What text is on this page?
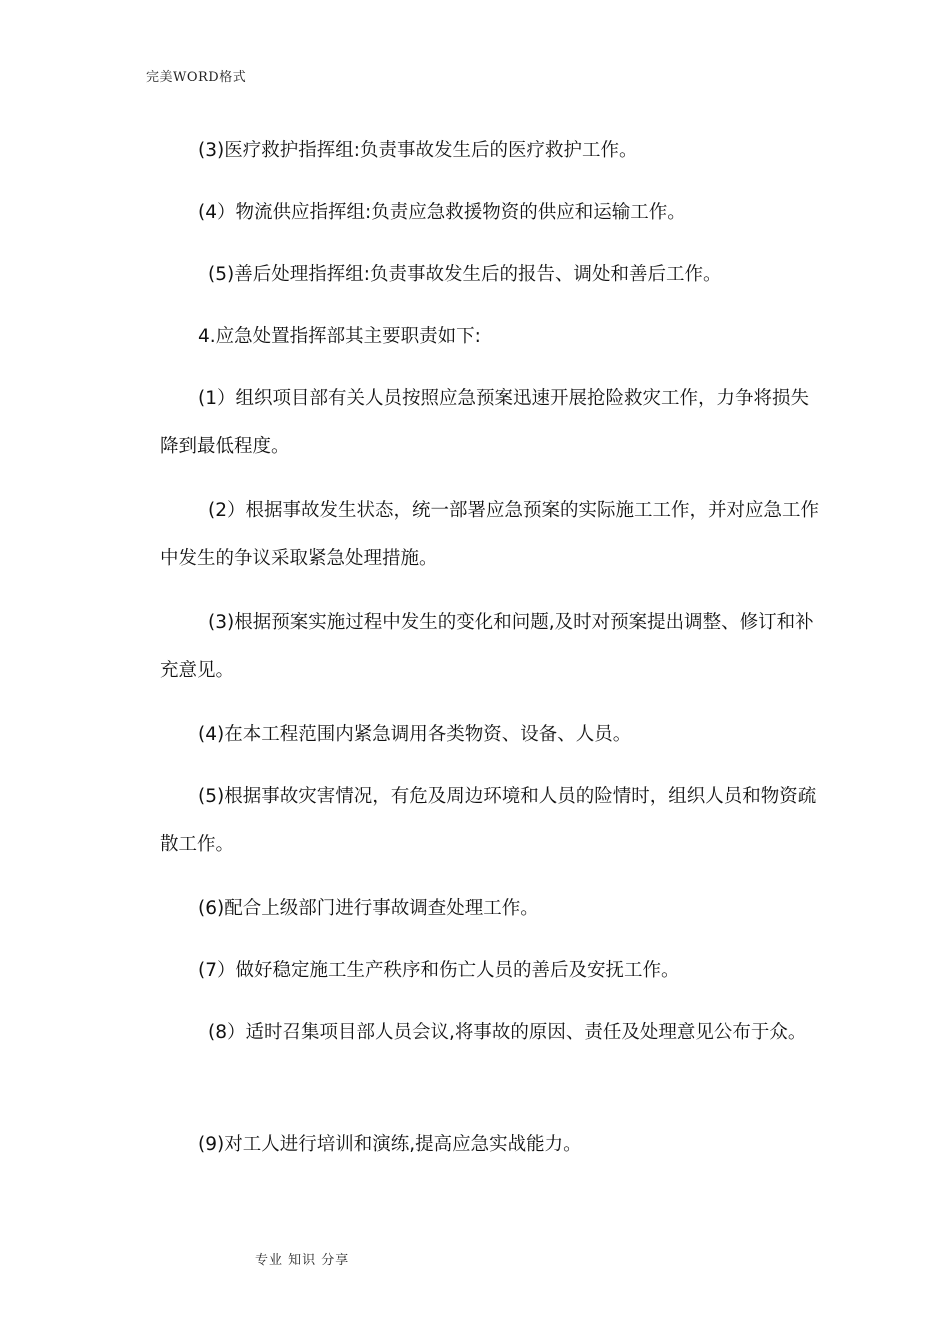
完美WORD格式
(3)医疗救护指挥组:负责事故发生后的医疗救护工作。
(4）物流供应指挥组:负责应急救援物资的供应和运输工作。
(5)善后处理指挥组:负责事故发生后的报告、调处和善后工作。
4.应急处置指挥部其主要职责如下:
(1）组织项目部有关人员按照应急预案迅速开展抢险救灾工作，力争将损失降到最低程度。
(2）根据事故发生状态，统一部署应急预案的实际施工工作，并对应急工作中发生的争议采取紧急处理措施。
(3)根据预案实施过程中发生的变化和问题,及时对预案提出调整、修订和补充意见。
(4)在本工程范围内紧急调用各类物资、设备、人员。
(5)根据事故灾害情况，有危及周边环境和人员的险情时，组织人员和物资疏散工作。
(6)配合上级部门进行事故调查处理工作。
(7）做好稳定施工生产秩序和伤亡人员的善后及安抚工作。
(8）适时召集项目部人员会议,将事故的原因、责任及处理意见公布于众。
(9)对工人进行培训和演练,提高应急实战能力。
专业 知识 分享
